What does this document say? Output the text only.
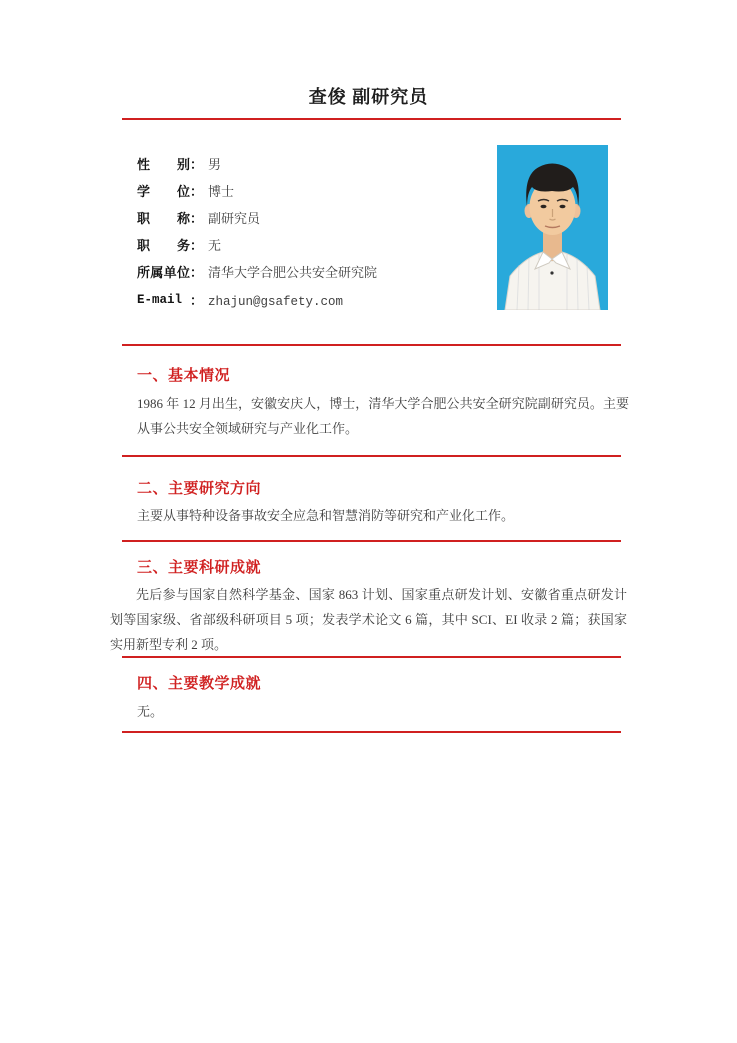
查俊 副研究员
性别： 男
学位： 博士
职称： 副研究员
职务： 无
所属单位： 清华大学合肥公共安全研究院
E-mail ： zhajun@gsafety.com
一、基本情况
1986 年 12 月出生，安徽安庆人，博士，清华大学合肥公共安全研究院副研究员。主要从事公共安全领域研究与产业化工作。
二、主要研究方向
主要从事特种设备事故安全应急和智慧消防等研究和产业化工作。
三、主要科研成就
先后参与国家自然科学基金、国家 863 计划、国家重点研发计划、安徽省重点研发计划等国家级、省部级科研项目 5 项；发表学术论文 6 篇，其中 SCI、EI 收录 2 篇；获国家实用新型专利 2 项。
四、主要教学成就
无。
